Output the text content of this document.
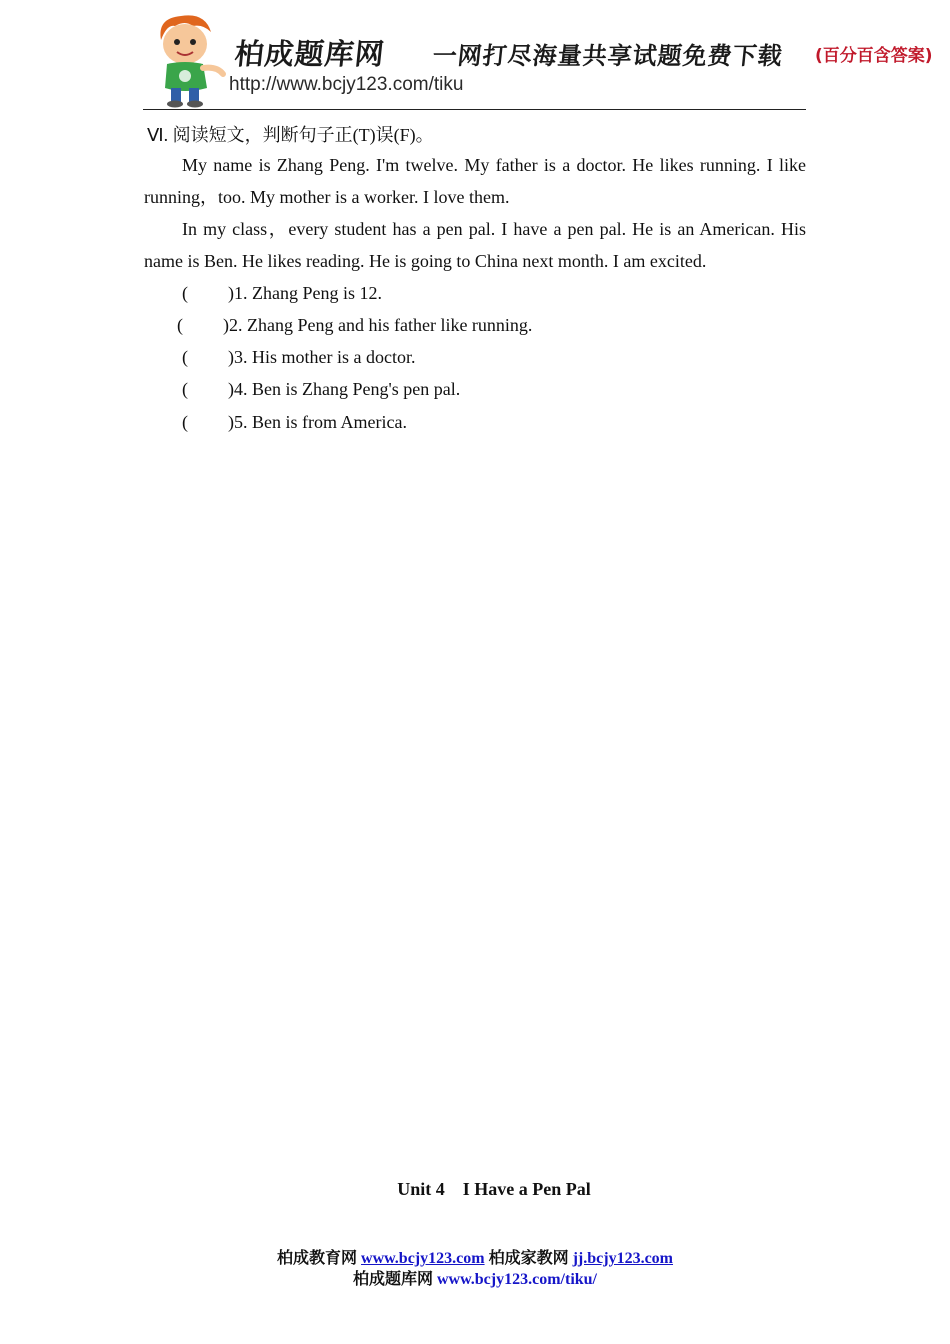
柏成题库网 一网打尽海量共享试题免费下载 (百分百含答案)
http://www.bcjy123.com/tiku
Ⅵ. 阅读短文，判断句子正(T)误(F)。

My name is Zhang Peng. I'm twelve. My father is a doctor. He likes running. I like running，too. My mother is a worker. I love them.

In my class，every student has a pen pal. I have a pen pal. He is an American. His name is Ben. He likes reading. He is going to China next month. I am excited.

( )1. Zhang Peng is 12.
( )2. Zhang Peng and his father like running.
( )3. His mother is a doctor.
( )4. Ben is Zhang Peng's pen pal.
( )5. Ben is from America.
Unit 4    I Have a Pen Pal
柏成教育网 www.bcjy123.com 柏成家教网 jj.bcjy123.com
柏成题库网 www.bcjy123.com/tiku/
